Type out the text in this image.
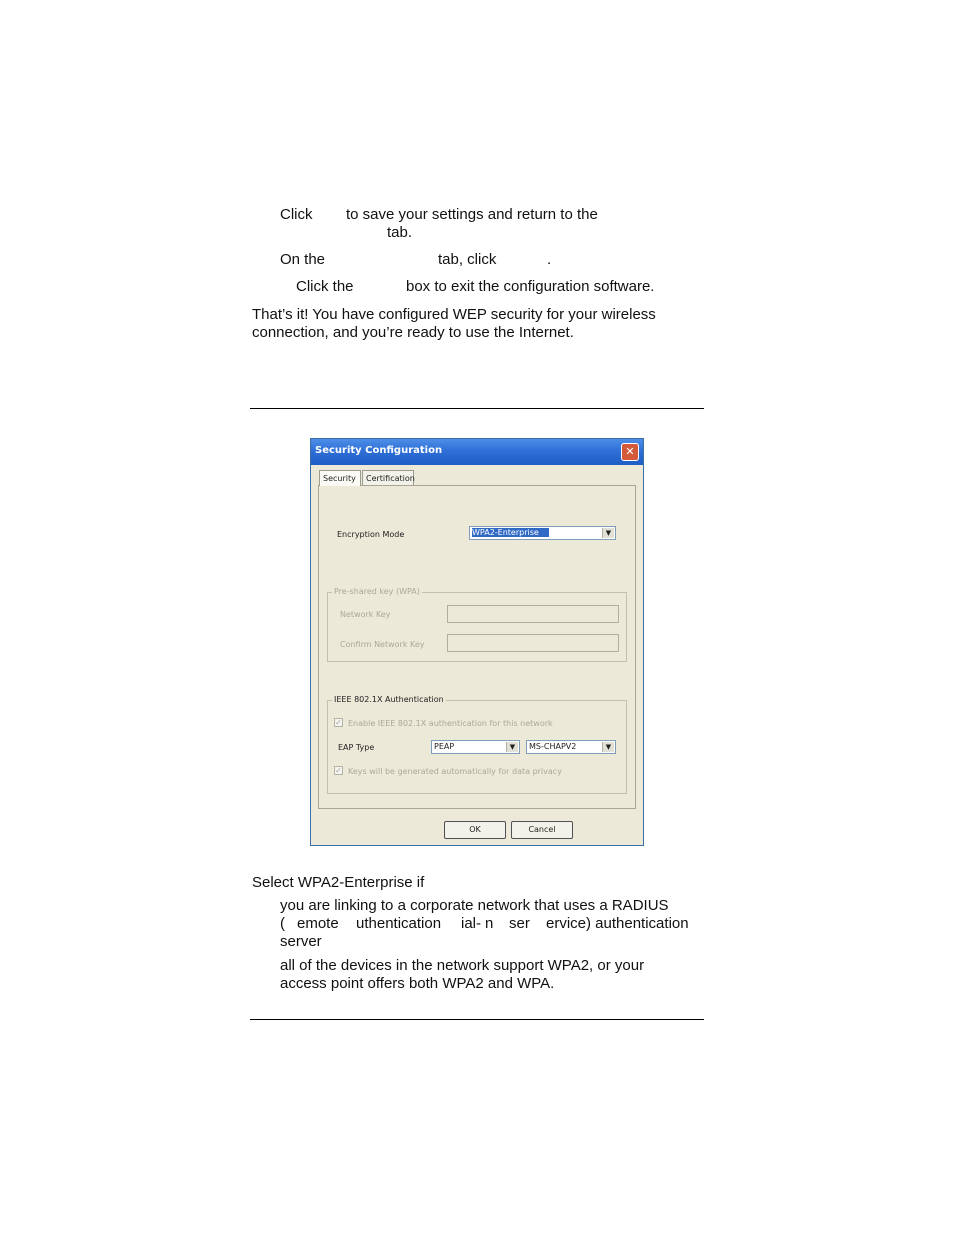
Click to save your settings and return to the
tab.
On the	tab, click	.
Click the	box to exit the configuration software.
That’s it! You have configured WEP security for your wireless
connection, and you’re ready to use the Internet.
Security Configuration	✕
Security	Certification
Encryption Mode	WPA2-Enterprise	▼
Pre-shared key (WPA)
Network Key
Confirm Network Key
IEEE 802.1X Authentication
✓ Enable IEEE 802.1X authentication for this network
EAP Type	PEAP	▼	MS-CHAPV2	▼
✓ Keys will be generated automatically for data privacy
OK	Cancel
Select WPA2-Enterprise if
you are linking to a corporate network that uses a RADIUS
( emote uthentication ial- n ser ervice) authentication
server
all of the devices in the network support WPA2, or your
access point offers both WPA2 and WPA.
